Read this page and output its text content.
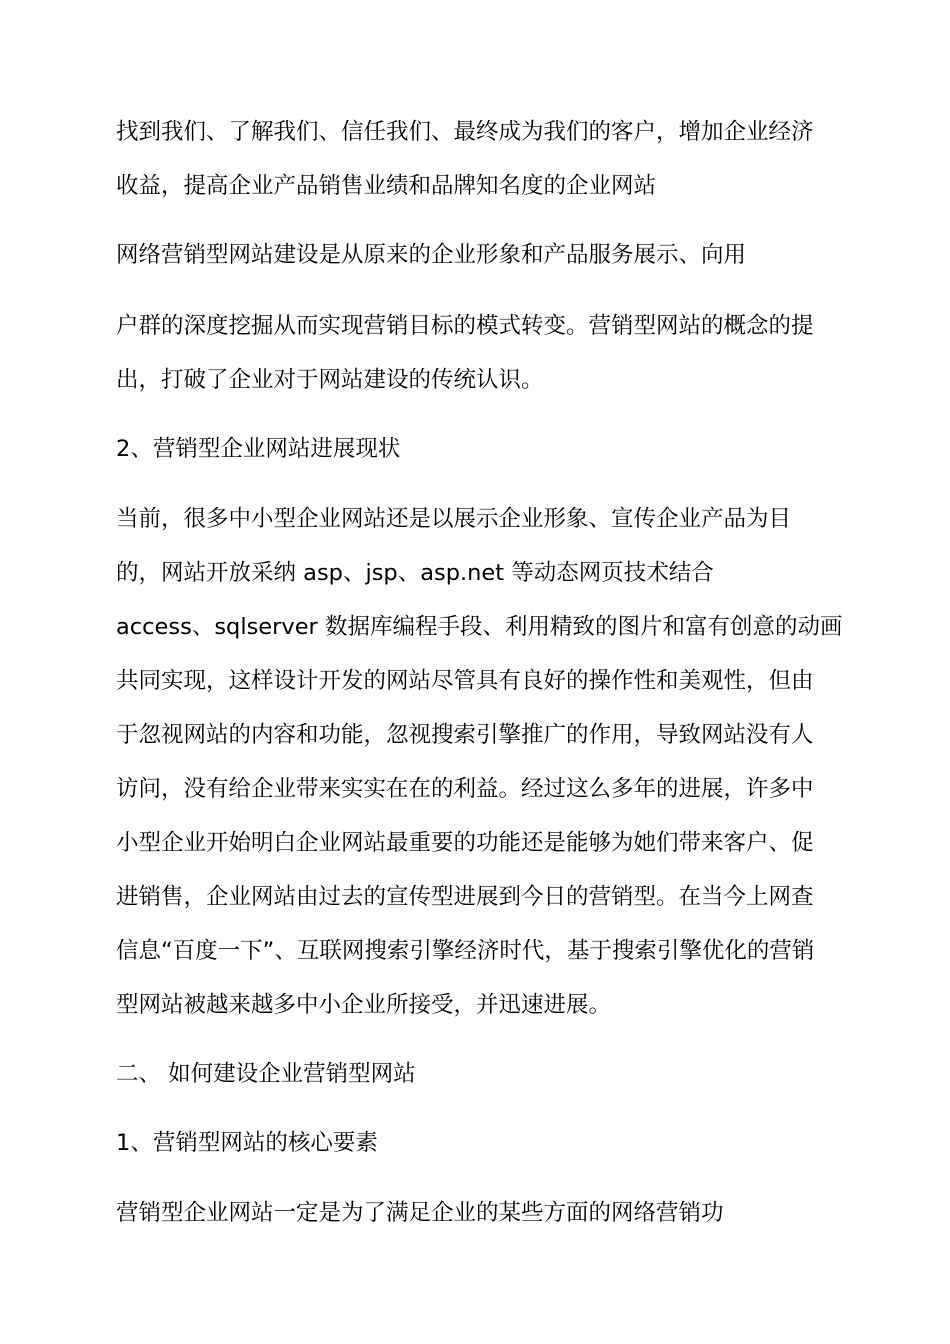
找到我们、了解我们、信任我们、最终成为我们的客户，增加企业经济
收益，提高企业产品销售业绩和品牌知名度的企业网站
网络营销型网站建设是从原来的企业形象和产品服务展示、向用
户群的深度挖掘从而实现营销目标的模式转变。营销型网站的概念的提
出，打破了企业对于网站建设的传统认识。
2、营销型企业网站进展现状
当前，很多中小型企业网站还是以展示企业形象、宣传企业产品为目
的，网站开放采纳 asp、jsp、asp.net 等动态网页技术结合
access、sqlserver 数据库编程手段、利用精致的图片和富有创意的动画
共同实现，这样设计开发的网站尽管具有良好的操作性和美观性，但由
于忽视网站的内容和功能，忽视搜索引擎推广的作用，导致网站没有人
访问，没有给企业带来实实在在的利益。经过这么多年的进展，许多中
小型企业开始明白企业网站最重要的功能还是能够为她们带来客户、促
进销售，企业网站由过去的宣传型进展到今日的营销型。在当今上网查
信息“百度一下”、互联网搜索引擎经济时代，基于搜索引擎优化的营销
型网站被越来越多中小企业所接受，并迅速进展。
二、 如何建设企业营销型网站
1、营销型网站的核心要素
营销型企业网站一定是为了满足企业的某些方面的网络营销功
